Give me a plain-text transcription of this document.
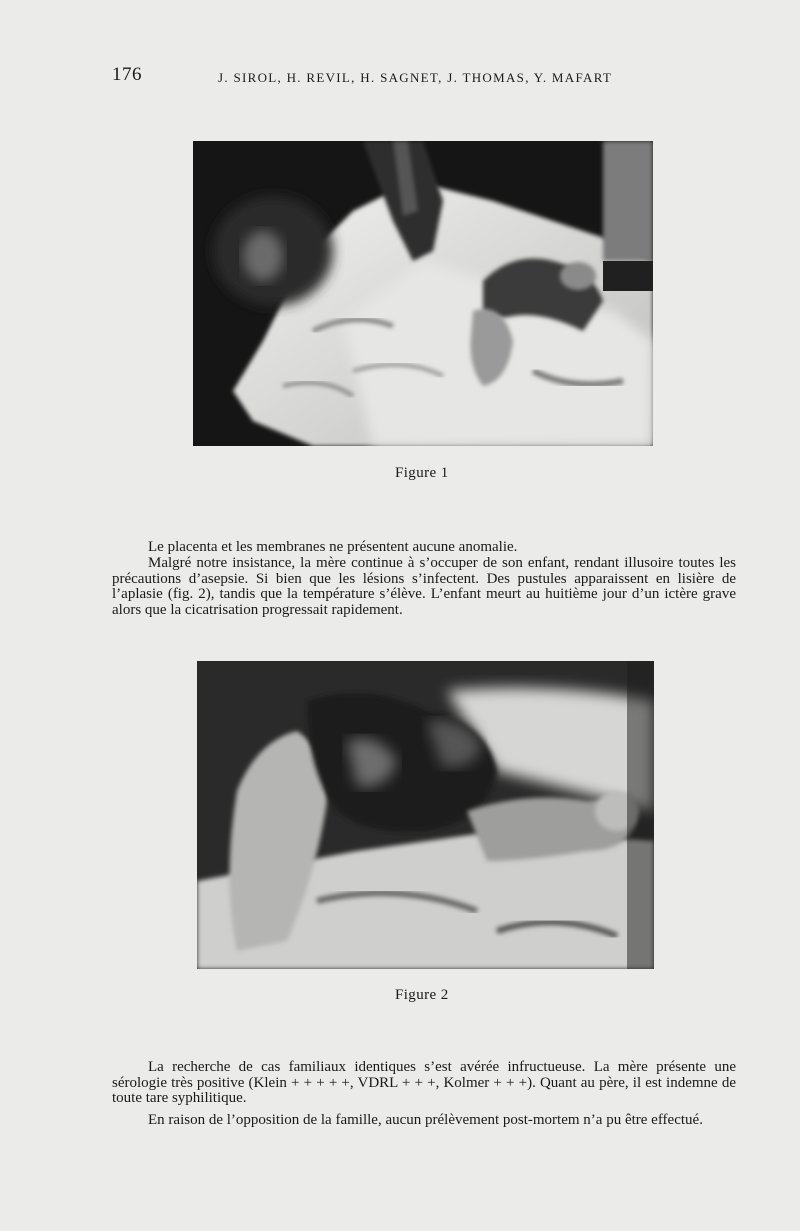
176	J. SIROL, H. REVIL, H. SAGNET, J. THOMAS, Y. MAFART
Figure 1

Le placenta et les membranes ne présentent aucune anomalie.

Malgré notre insistance, la mère continue à s’occuper de son enfant, rendant illusoire toutes les précautions d’asepsie. Si bien que les lésions s’infectent. Des pustules apparaissent en lisière de l’aplasie (fig. 2), tandis que la température s’élève. L’enfant meurt au huitième jour d’un ictère grave alors que la cicatrisation progressait rapidement.

Figure 2

La recherche de cas familiaux identiques s’est avérée infructueuse. La mère présente une sérologie très positive (Klein + + + + +, VDRL + + +, Kolmer + + +). Quant au père, il est indemne de toute tare syphilitique.

En raison de l’opposition de la famille, aucun prélèvement post-mortem n’a pu être effectué.
